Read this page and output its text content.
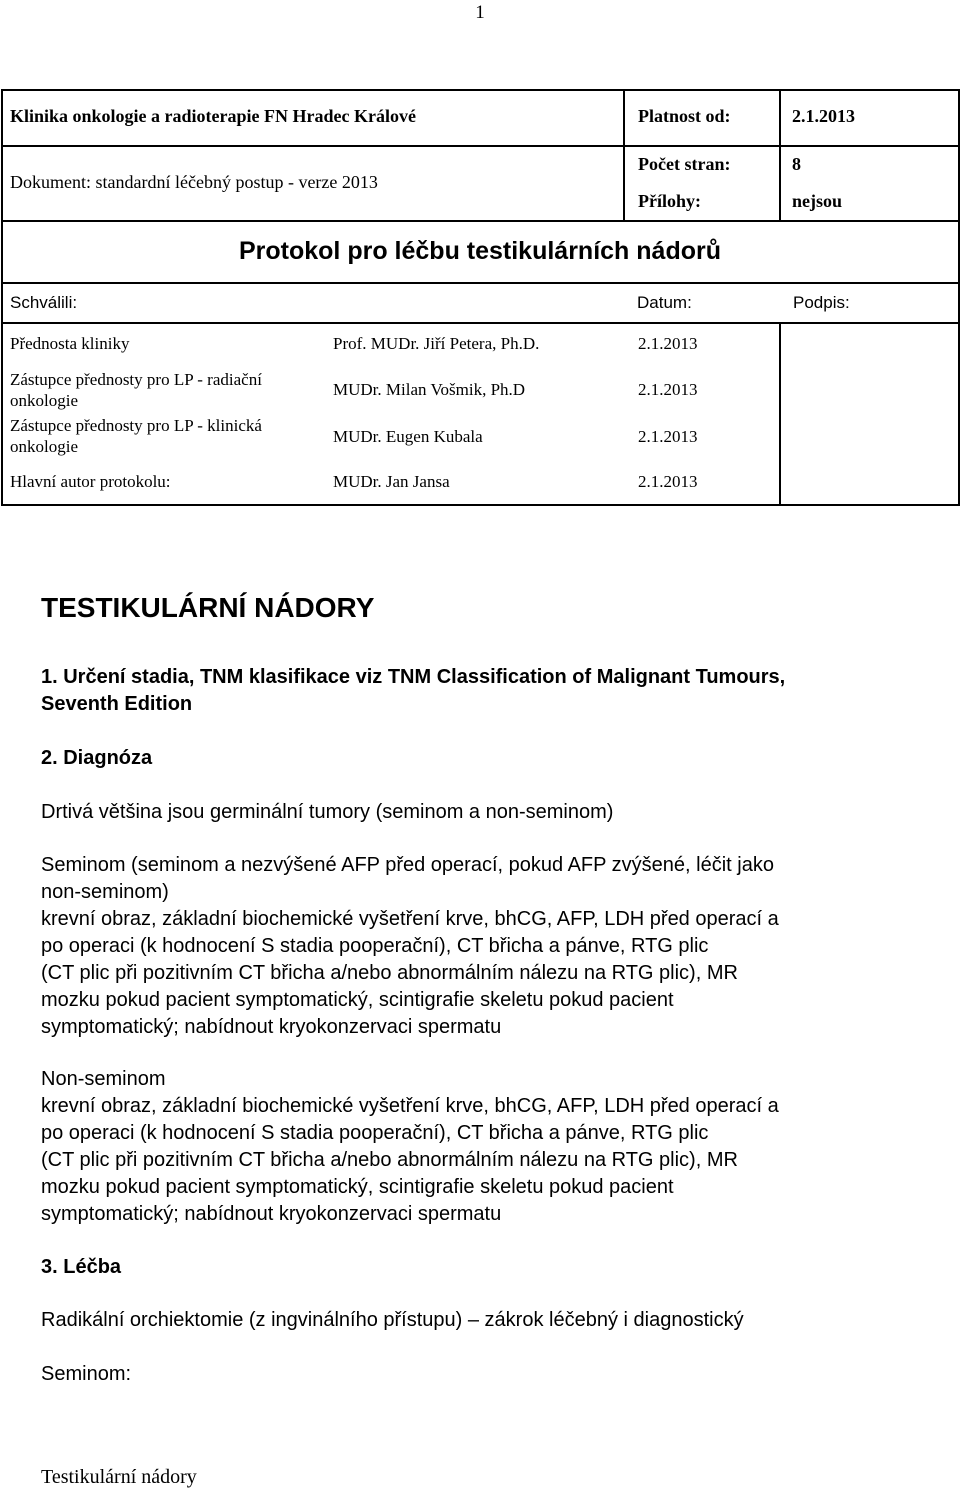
1
Klinika onkologie a radioterapie FN Hradec Králové	Platnost od:	2.1.2013
Dokument: standardní léčebný postup - verze 2013
Počet stran:	8
Přílohy:	nejsou
Protokol pro léčbu testikulárních nádorů
Schválili:	Datum:	Podpis:
Přednosta kliniky	Prof. MUDr. Jiří Petera, Ph.D.	2.1.2013
Zástupce přednosty pro LP - radiační
onkologie
MUDr. Milan Vošmik, Ph.D	2.1.2013
Zástupce přednosty pro LP - klinická
onkologie
MUDr. Eugen Kubala	2.1.2013
Hlavní autor protokolu:	MUDr. Jan Jansa	2.1.2013
TESTIKULÁRNÍ NÁDORY
1. Určení stadia, TNM klasifikace viz TNM Classification of Malignant Tumours,
Seventh Edition
2. Diagnóza
Drtivá většina jsou germinální tumory (seminom a non-seminom)
Seminom (seminom a nezvýšené AFP před operací, pokud AFP zvýšené, léčit jako
non-seminom)
krevní obraz, základní biochemické vyšetření krve, bhCG, AFP, LDH před operací a
po operaci (k hodnocení S stadia pooperační), CT břicha a pánve, RTG plic
(CT plic při pozitivním CT břicha a/nebo abnormálním nálezu na RTG plic), MR
mozku pokud pacient symptomatický, scintigrafie skeletu pokud pacient
symptomatický; nabídnout kryokonzervaci spermatu
Non-seminom
krevní obraz, základní biochemické vyšetření krve, bhCG, AFP, LDH před operací a
po operaci (k hodnocení S stadia pooperační), CT břicha a pánve, RTG plic
(CT plic při pozitivním CT břicha a/nebo abnormálním nálezu na RTG plic), MR
mozku pokud pacient symptomatický, scintigrafie skeletu pokud pacient
symptomatický; nabídnout kryokonzervaci spermatu
3. Léčba
Radikální orchiektomie (z ingvinálního přístupu) – zákrok léčebný i diagnostický
Seminom:
Testikulární nádory
